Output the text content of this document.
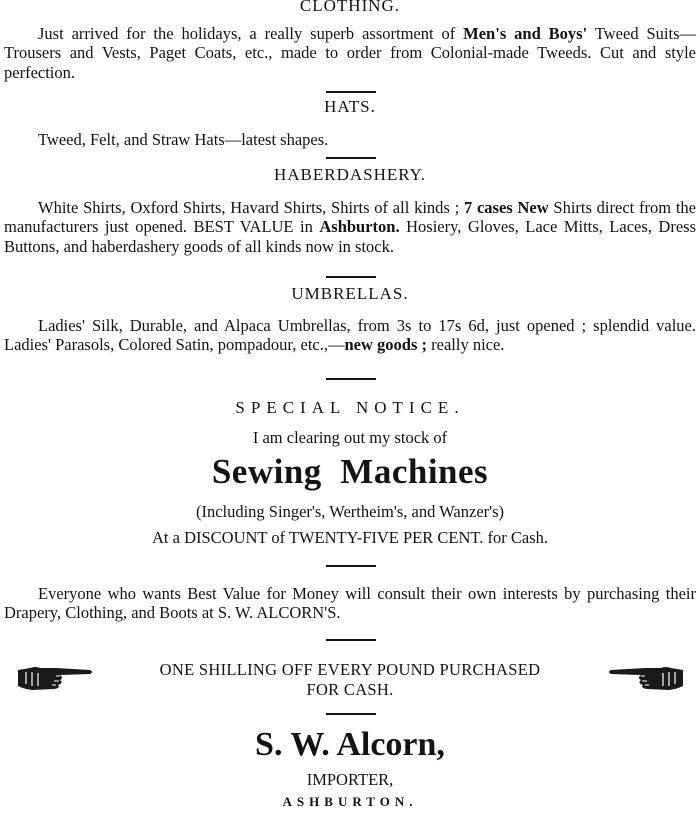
CLOTHING.

Just arrived for the holidays, a really superb assortment of Men's and Boys' Tweed Suits—Trousers and Vests, Paget Coats, etc., made to order from Colonial-made Tweeds. Cut and style perfection.

HATS.

Tweed, Felt, and Straw Hats—latest shapes.

HABERDASHERY.

White Shirts, Oxford Shirts, Havard Shirts, Shirts of all kinds ; 7 cases New Shirts direct from the manufacturers just opened. BEST VALUE in Ashburton. Hosiery, Gloves, Lace Mitts, Laces, Dress Buttons, and haberdashery goods of all kinds now in stock.

UMBRELLAS.

Ladies' Silk, Durable, and Alpaca Umbrellas, from 3s to 17s 6d, just opened ; splendid value. Ladies' Parasols, Colored Satin, pompadour, etc.,—new goods ; really nice.

SPECIAL NOTICE.
I am clearing out my stock of
Sewing  Machines
(Including Singer's, Wertheim's, and Wanzer's)
At a DISCOUNT of TWENTY-FIVE PER CENT. for Cash.

Everyone who wants Best Value for Money will consult their own interests by purchasing their Drapery, Clothing, and Boots at S. W. ALCORN'S.

ONE SHILLING OFF EVERY POUND PURCHASED
FOR CASH.
S. W. Alcorn,
IMPORTER,
ASHBURTON.
